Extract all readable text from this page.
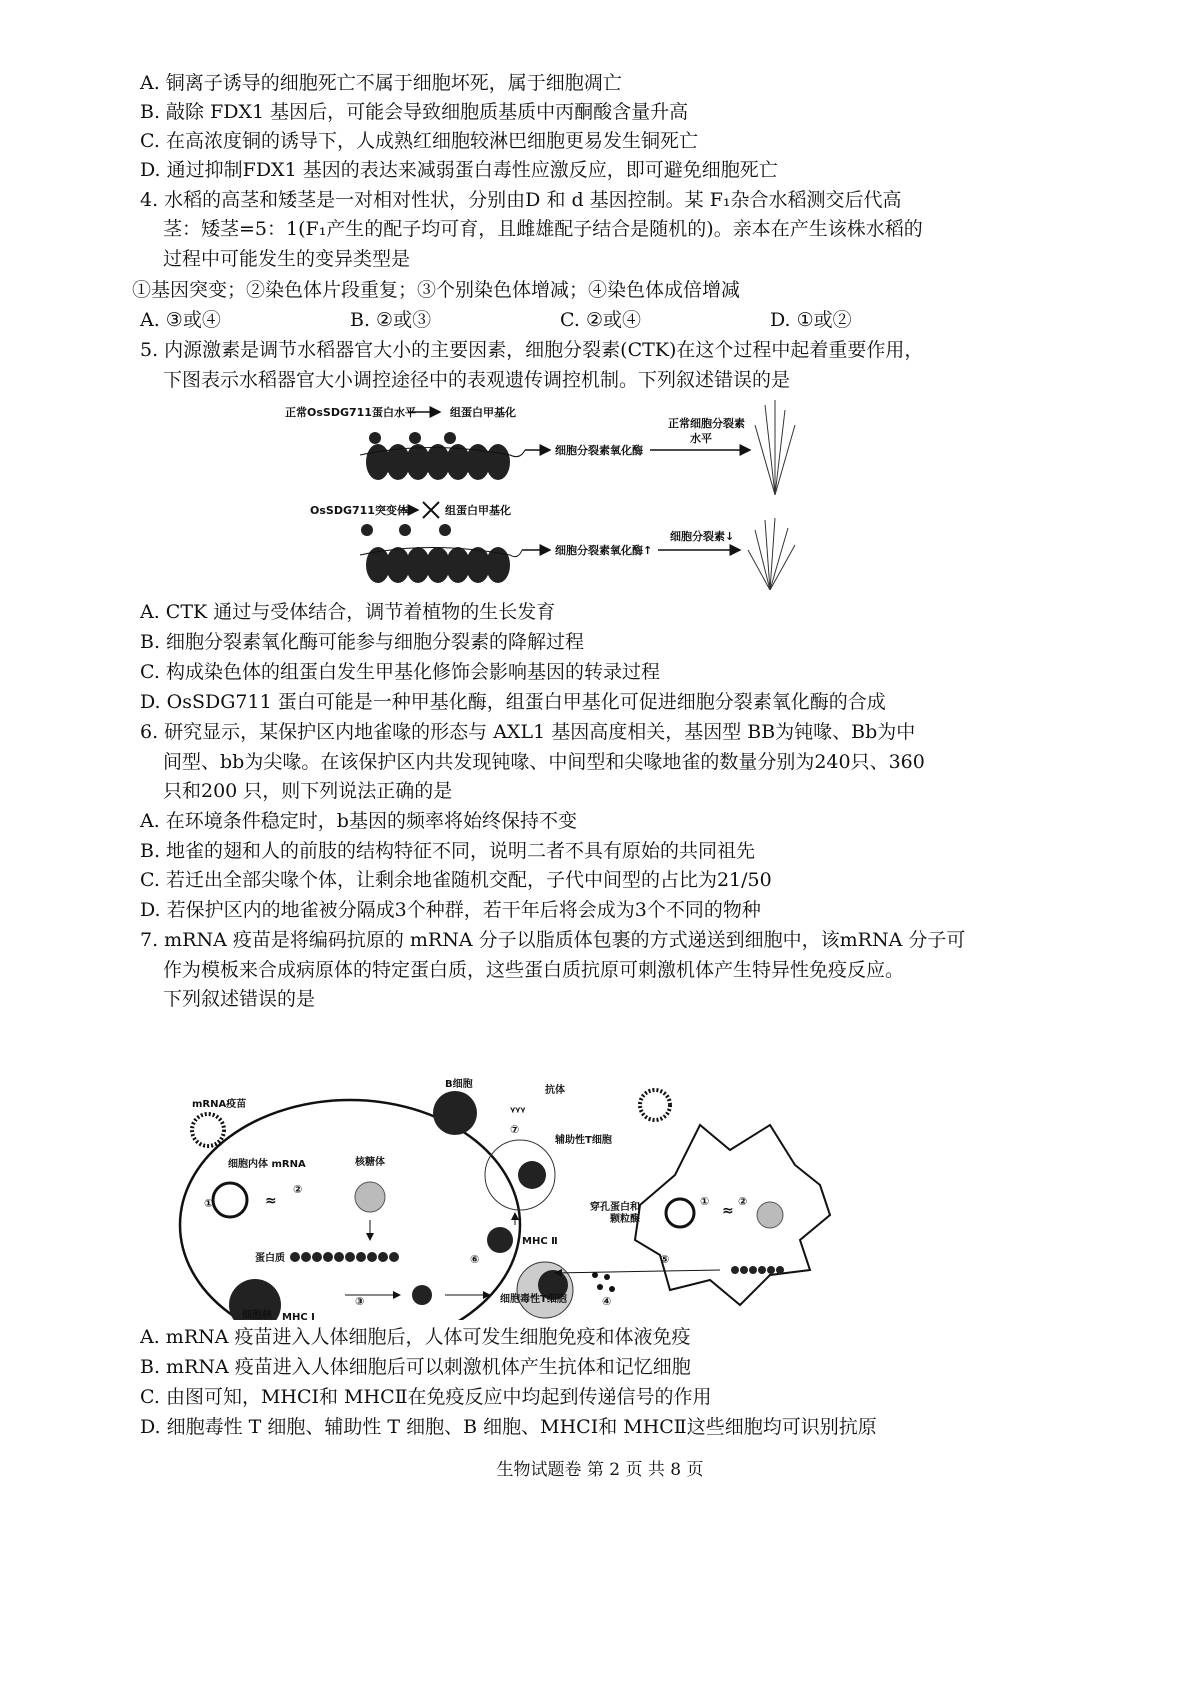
A. 铜离子诱导的细胞死亡不属于细胞坏死，属于细胞凋亡
B. 敲除 FDX1 基因后，可能会导致细胞质基质中丙酮酸含量升高
C. 在高浓度铜的诱导下，人成熟红细胞较淋巴细胞更易发生铜死亡
D. 通过抑制FDX1 基因的表达来减弱蛋白毒性应激反应，即可避免细胞死亡
4. 水稻的高茎和矮茎是一对相对性状，分别由D 和 d 基因控制。某 F₁杂合水稻测交后代高
茎：矮茎=5：1(F₁产生的配子均可育，且雌雄配子结合是随机的)。亲本在产生该株水稻的
过程中可能发生的变异类型是
①基因突变；②染色体片段重复；③个别染色体增减；④染色体成倍增减
A. ③或④	B. ②或③	C. ②或④	D. ①或②
5. 内源激素是调节水稻器官大小的主要因素，细胞分裂素(CTK)在这个过程中起着重要作用，
下图表示水稻器官大小调控途径中的表观遗传调控机制。下列叙述错误的是
正常OsSDG711蛋白水平	组蛋白甲基化
细胞分裂素氧化酶
正常细胞分裂素
水平
OsSDG711突变体	组蛋白甲基化
细胞分裂素氧化酶↑
细胞分裂素↓
A. CTK 通过与受体结合，调节着植物的生长发育
B. 细胞分裂素氧化酶可能参与细胞分裂素的降解过程
C. 构成染色体的组蛋白发生甲基化修饰会影响基因的转录过程
D. OsSDG711 蛋白可能是一种甲基化酶，组蛋白甲基化可促进细胞分裂素氧化酶的合成
6. 研究显示，某保护区内地雀喙的形态与 AXL1 基因高度相关，基因型 BB为钝喙、Bb为中
间型、bb为尖喙。在该保护区内共发现钝喙、中间型和尖喙地雀的数量分别为240只、360
只和200 只，则下列说法正确的是
A. 在环境条件稳定时，b基因的频率将始终保持不变
B. 地雀的翅和人的前肢的结构特征不同，说明二者不具有原始的共同祖先
C. 若迁出全部尖喙个体，让剩余地雀随机交配，子代中间型的占比为21/50
D. 若保护区内的地雀被分隔成3个种群，若干年后将会成为3个不同的物种
7. mRNA 疫苗是将编码抗原的 mRNA 分子以脂质体包裹的方式递送到细胞中，该mRNA 分子可
作为模板来合成病原体的特定蛋白质，这些蛋白质抗原可刺激机体产生特异性免疫反应。
下列叙述错误的是
mRNA疫苗
细胞内体 mRNA
①	≈
②
核糖体
蛋白质
细胞核 MHC Ⅰ
③
穿孔蛋白和
颗粒酶
细胞毒性T细胞	④
B细胞
抗体
ᵞᵞᵞ
⑦
辅助性T细胞
MHC Ⅱ
⑥
①
≈
②
⑤
A. mRNA 疫苗进入人体细胞后，人体可发生细胞免疫和体液免疫
B. mRNA 疫苗进入人体细胞后可以刺激机体产生抗体和记忆细胞
C. 由图可知，MHCⅠ和 MHCⅡ在免疫反应中均起到传递信号的作用
D. 细胞毒性 T 细胞、辅助性 T 细胞、B 细胞、MHCⅠ和 MHCⅡ这些细胞均可识别抗原
生物试题卷 第 2 页 共 8 页
